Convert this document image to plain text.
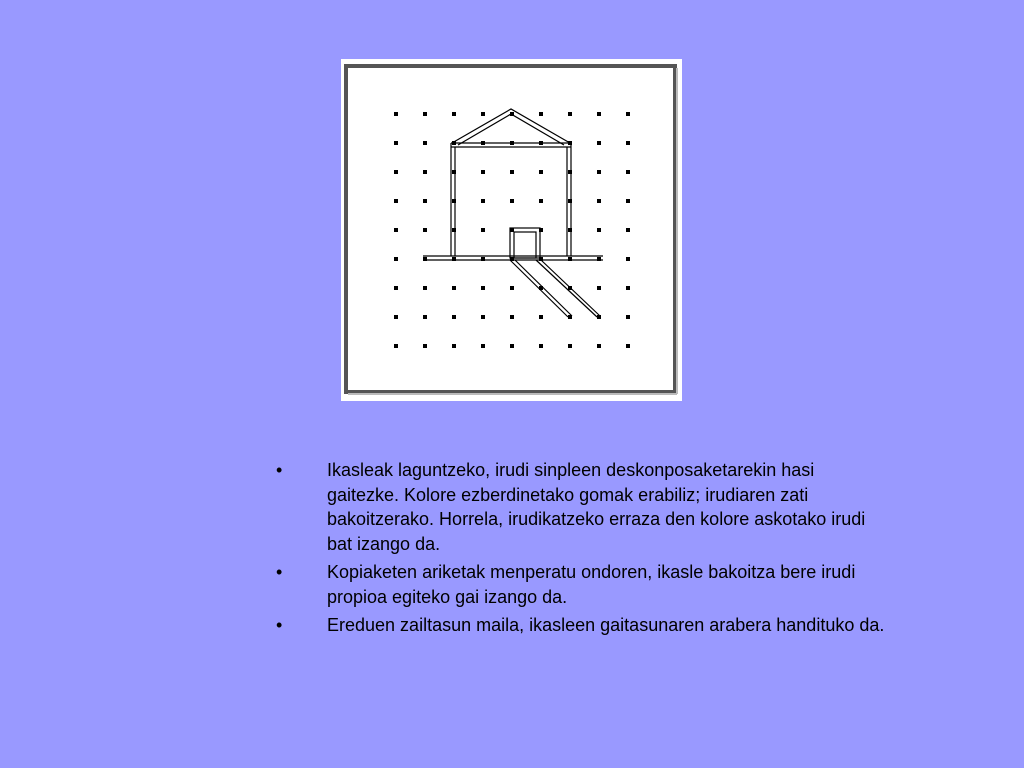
• Ikasleak laguntzeko, irudi sinpleen deskonposaketarekin hasi gaitezke. Kolore ezberdinetako gomak erabiliz; irudiaren zati bakoitzerako. Horrela, irudikatzeko erraza den kolore askotako irudi bat izango da.
• Kopiaketen ariketak menperatu ondoren, ikasle bakoitza bere irudi propioa egiteko gai izango da.
• Ereduen zailtasun maila, ikasleen gaitasunaren arabera handituko da.
